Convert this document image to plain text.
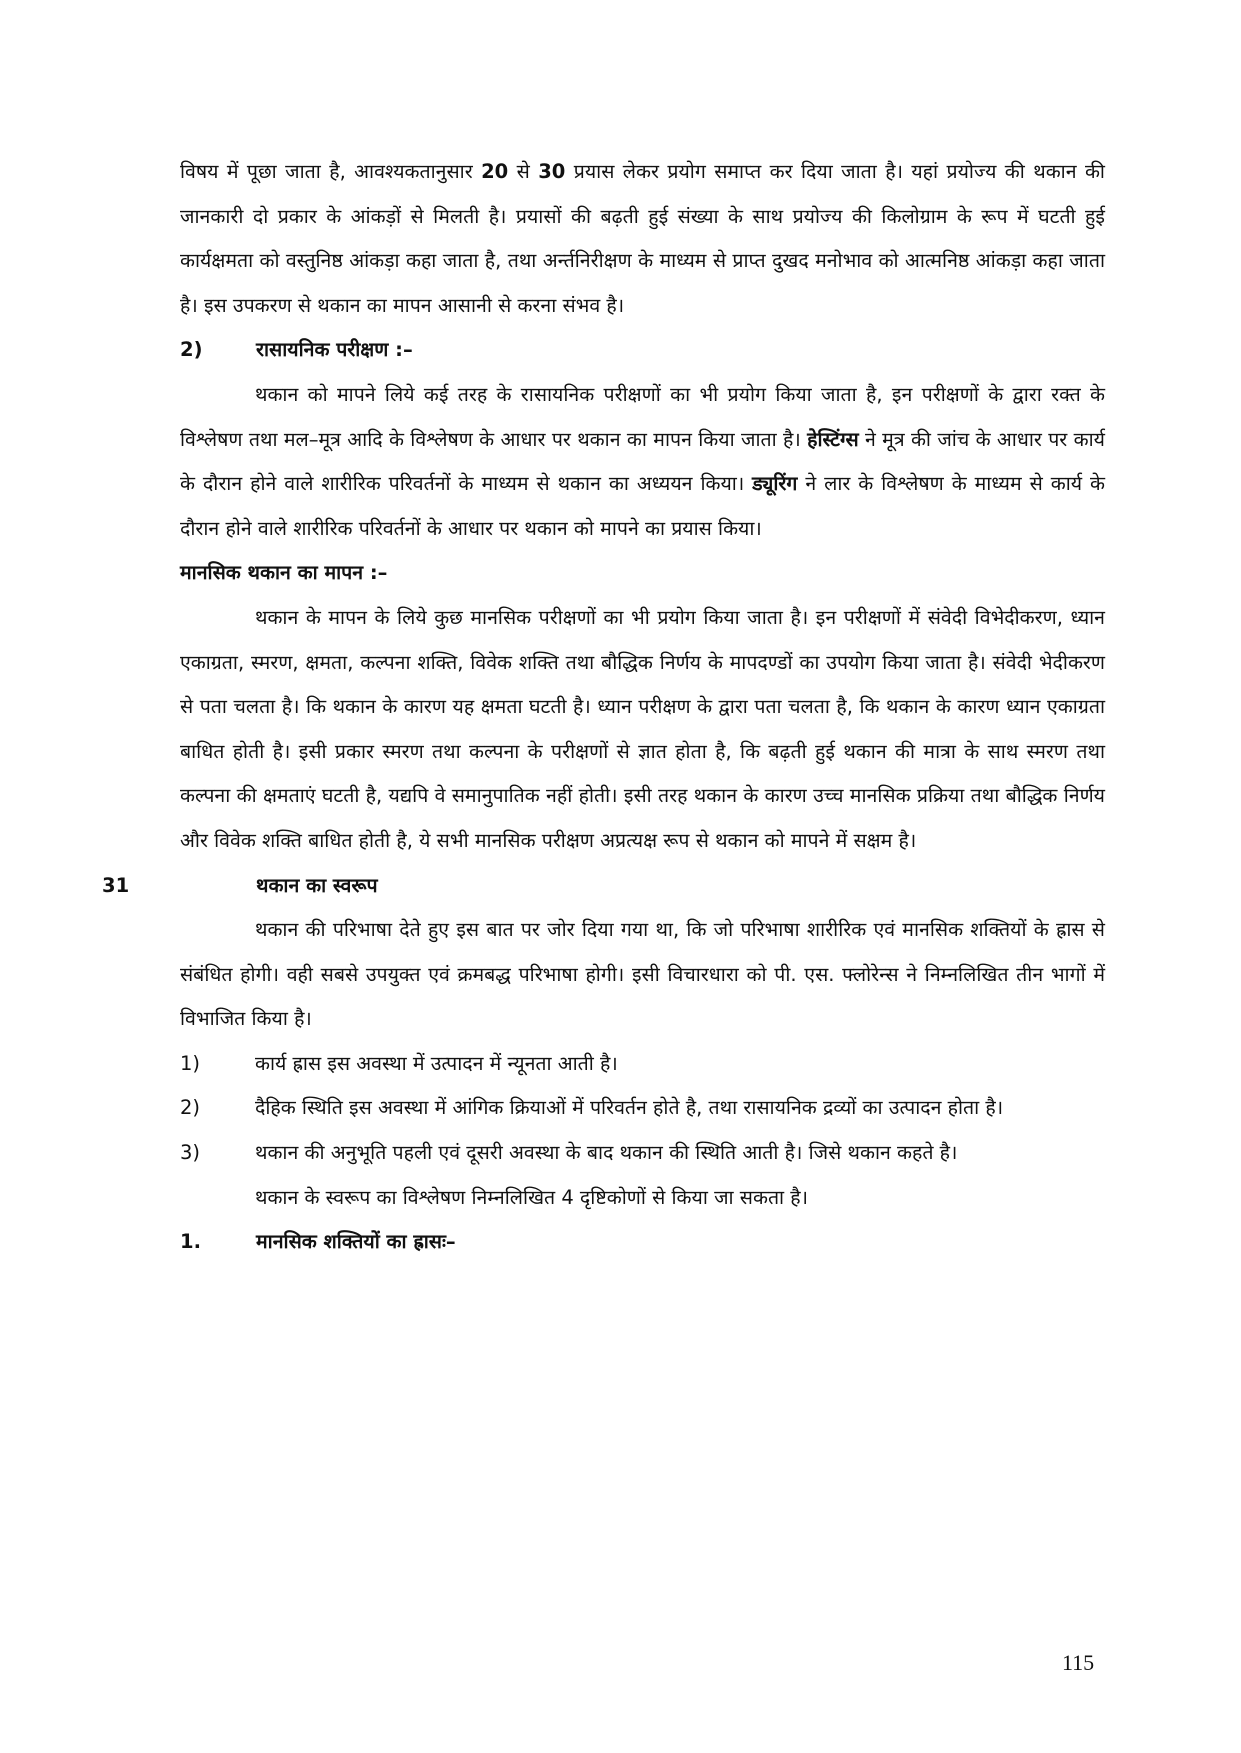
विषय में पूछा जाता है, आवश्यकतानुसार 20 से 30 प्रयास लेकर प्रयोग समाप्त कर दिया जाता है। यहां प्रयोज्य की थकान की जानकारी दो प्रकार के आंकड़ों से मिलती है। प्रयासों की बढ़ती हुई संख्या के साथ प्रयोज्य की किलोग्राम के रूप में घटती हुई कार्यक्षमता को वस्तुनिष्ठ आंकड़ा कहा जाता है, तथा अर्न्तनिरीक्षण के माध्यम से प्राप्त दुखद मनोभाव को आत्मनिष्ठ आंकड़ा कहा जाता है। इस उपकरण से थकान का मापन आसानी से करना संभव है।

2)	रासायनिक परीक्षण :–

थकान को मापने लिये कई तरह के रासायनिक परीक्षणों का भी प्रयोग किया जाता है, इन परीक्षणों के द्वारा रक्त के विश्लेषण तथा मल–मूत्र आदि के विश्लेषण के आधार पर थकान का मापन किया जाता है। हेस्टिंग्स ने मूत्र की जांच के आधार पर कार्य के दौरान होने वाले शारीरिक परिवर्तनों के माध्यम से थकान का अध्ययन किया। ड्यूरिंग ने लार के विश्लेषण के माध्यम से कार्य के दौरान होने वाले शारीरिक परिवर्तनों के आधार पर थकान को मापने का प्रयास किया।

मानसिक थकान का मापन :–

थकान के मापन के लिये कुछ मानसिक परीक्षणों का भी प्रयोग किया जाता है। इन परीक्षणों में संवेदी विभेदीकरण, ध्यान एकाग्रता, स्मरण, क्षमता, कल्पना शक्ति, विवेक शक्ति तथा बौद्धिक निर्णय के मापदण्डों का उपयोग किया जाता है। संवेदी भेदीकरण से पता चलता है। कि थकान के कारण यह क्षमता घटती है। ध्यान परीक्षण के द्वारा पता चलता है, कि थकान के कारण ध्यान एकाग्रता बाधित होती है। इसी प्रकार स्मरण तथा कल्पना के परीक्षणों से ज्ञात होता है, कि बढ़ती हुई थकान की मात्रा के साथ स्मरण तथा कल्पना की क्षमताएं घटती है, यद्यपि वे समानुपातिक नहीं होती। इसी तरह थकान के कारण उच्च मानसिक प्रक्रिया तथा बौद्धिक निर्णय और विवेक शक्ति बाधित होती है, ये सभी मानसिक परीक्षण अप्रत्यक्ष रूप से थकान को मापने में सक्षम है।

31	थकान का स्वरूप

थकान की परिभाषा देते हुए इस बात पर जोर दिया गया था, कि जो परिभाषा शारीरिक एवं मानसिक शक्तियों के ह्रास से संबंधित होगी। वही सबसे उपयुक्त एवं क्रमबद्ध परिभाषा होगी। इसी विचारधारा को पी. एस. फ्लोरेन्स ने निम्नलिखित तीन भागों में विभाजित किया है।

1)	कार्य ह्रास इस अवस्था में उत्पादन में न्यूनता आती है।

2)	दैहिक स्थिति इस अवस्था में आंगिक क्रियाओं में परिवर्तन होते है, तथा रासायनिक द्रव्यों का उत्पादन होता है।

3)	थकान की अनुभूति पहली एवं दूसरी अवस्था के बाद थकान की स्थिति आती है। जिसे थकान कहते है।

थकान के स्वरूप का विश्लेषण निम्नलिखित 4 दृष्टिकोणों से किया जा सकता है।

1.	मानसिक शक्तियों का ह्रासः–
115
